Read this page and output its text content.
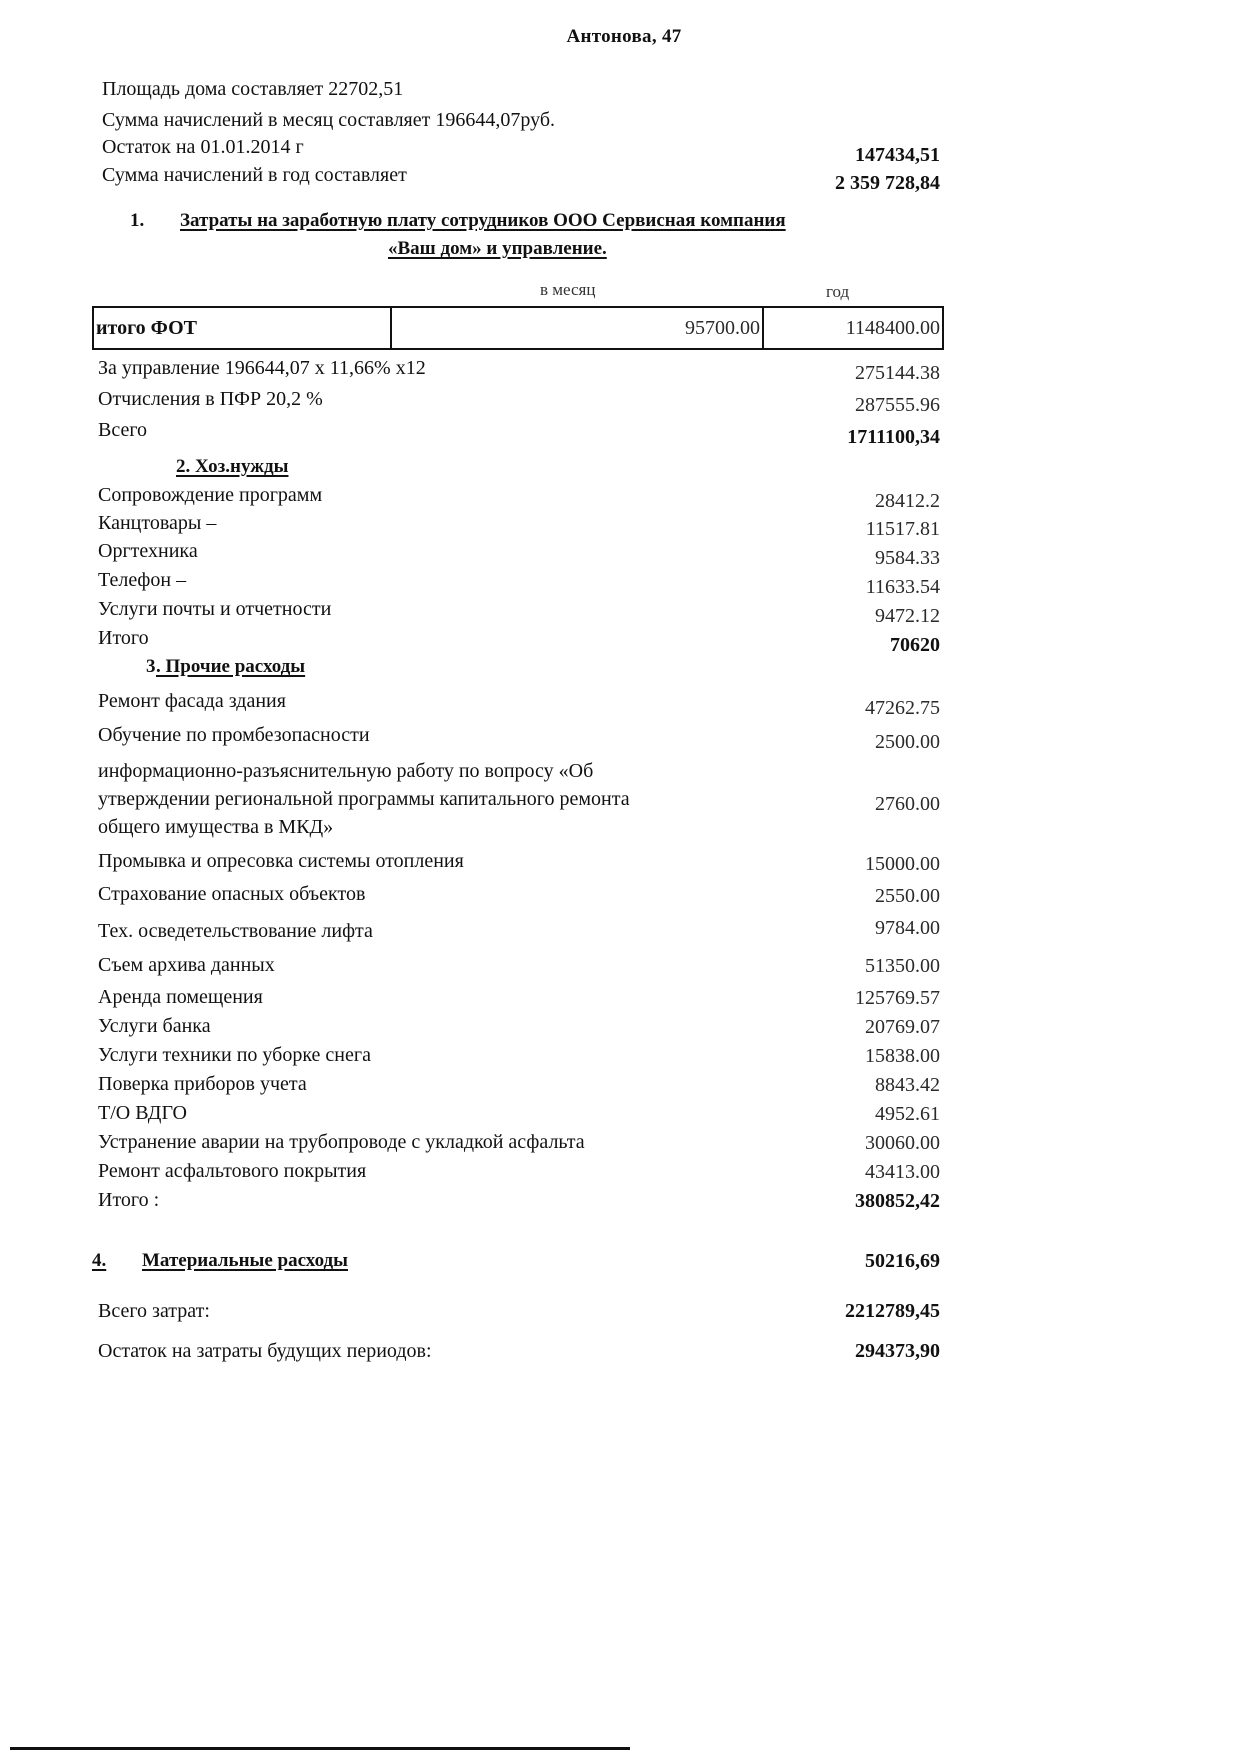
Антонова, 47
Площадь дома составляет 22702,51
Сумма начислений в месяц составляет 196644,07руб.
Остаток на 01.01.2014 г	147434,51
Сумма начислений в год составляет	2 359 728,84
1. Затраты на заработную плату сотрудников ООО Сервисная компания
«Ваш дом» и управление.
в месяц	год
итого ФОТ	95700.00	1148400.00
За управление 196644,07 х 11,66% х12	275144.38
Отчисления в ПФР 20,2 %	287555.96
Всего	1711100,34
2. Хоз.нужды
Сопровождение программ	28412.2
Канцтовары –	11517.81
Оргтехника	9584.33
Телефон –	11633.54
Услуги почты и отчетности	9472.12
Итого	70620
3 . Прочие расходы
Ремонт фасада здания	47262.75
Обучение по промбезопасности	2500.00
информационно-разъяснительную работу по вопросу «Об
утверждении региональной программы капитального ремонта
общего имущества в МКД»
2760.00
Промывка и опресовка системы отопления	15000.00
Страхование опасных объектов	2550.00
Тех. осведетельствование лифта	9784.00
Съем архива данных	51350.00
Аренда помещения	125769.57
Услуги банка	20769.07
Услуги техники по уборке снега	15838.00
Поверка приборов учета	8843.42
Т/О ВДГО	4952.61
Устранение аварии на трубопроводе с укладкой асфальта	30060.00
Ремонт асфальтового покрытия	43413.00
Итого :	380852,42
4. Материальные расходы	50216,69
Всего затрат:	2212789,45
Остаток на затраты будущих периодов:	294373,90
